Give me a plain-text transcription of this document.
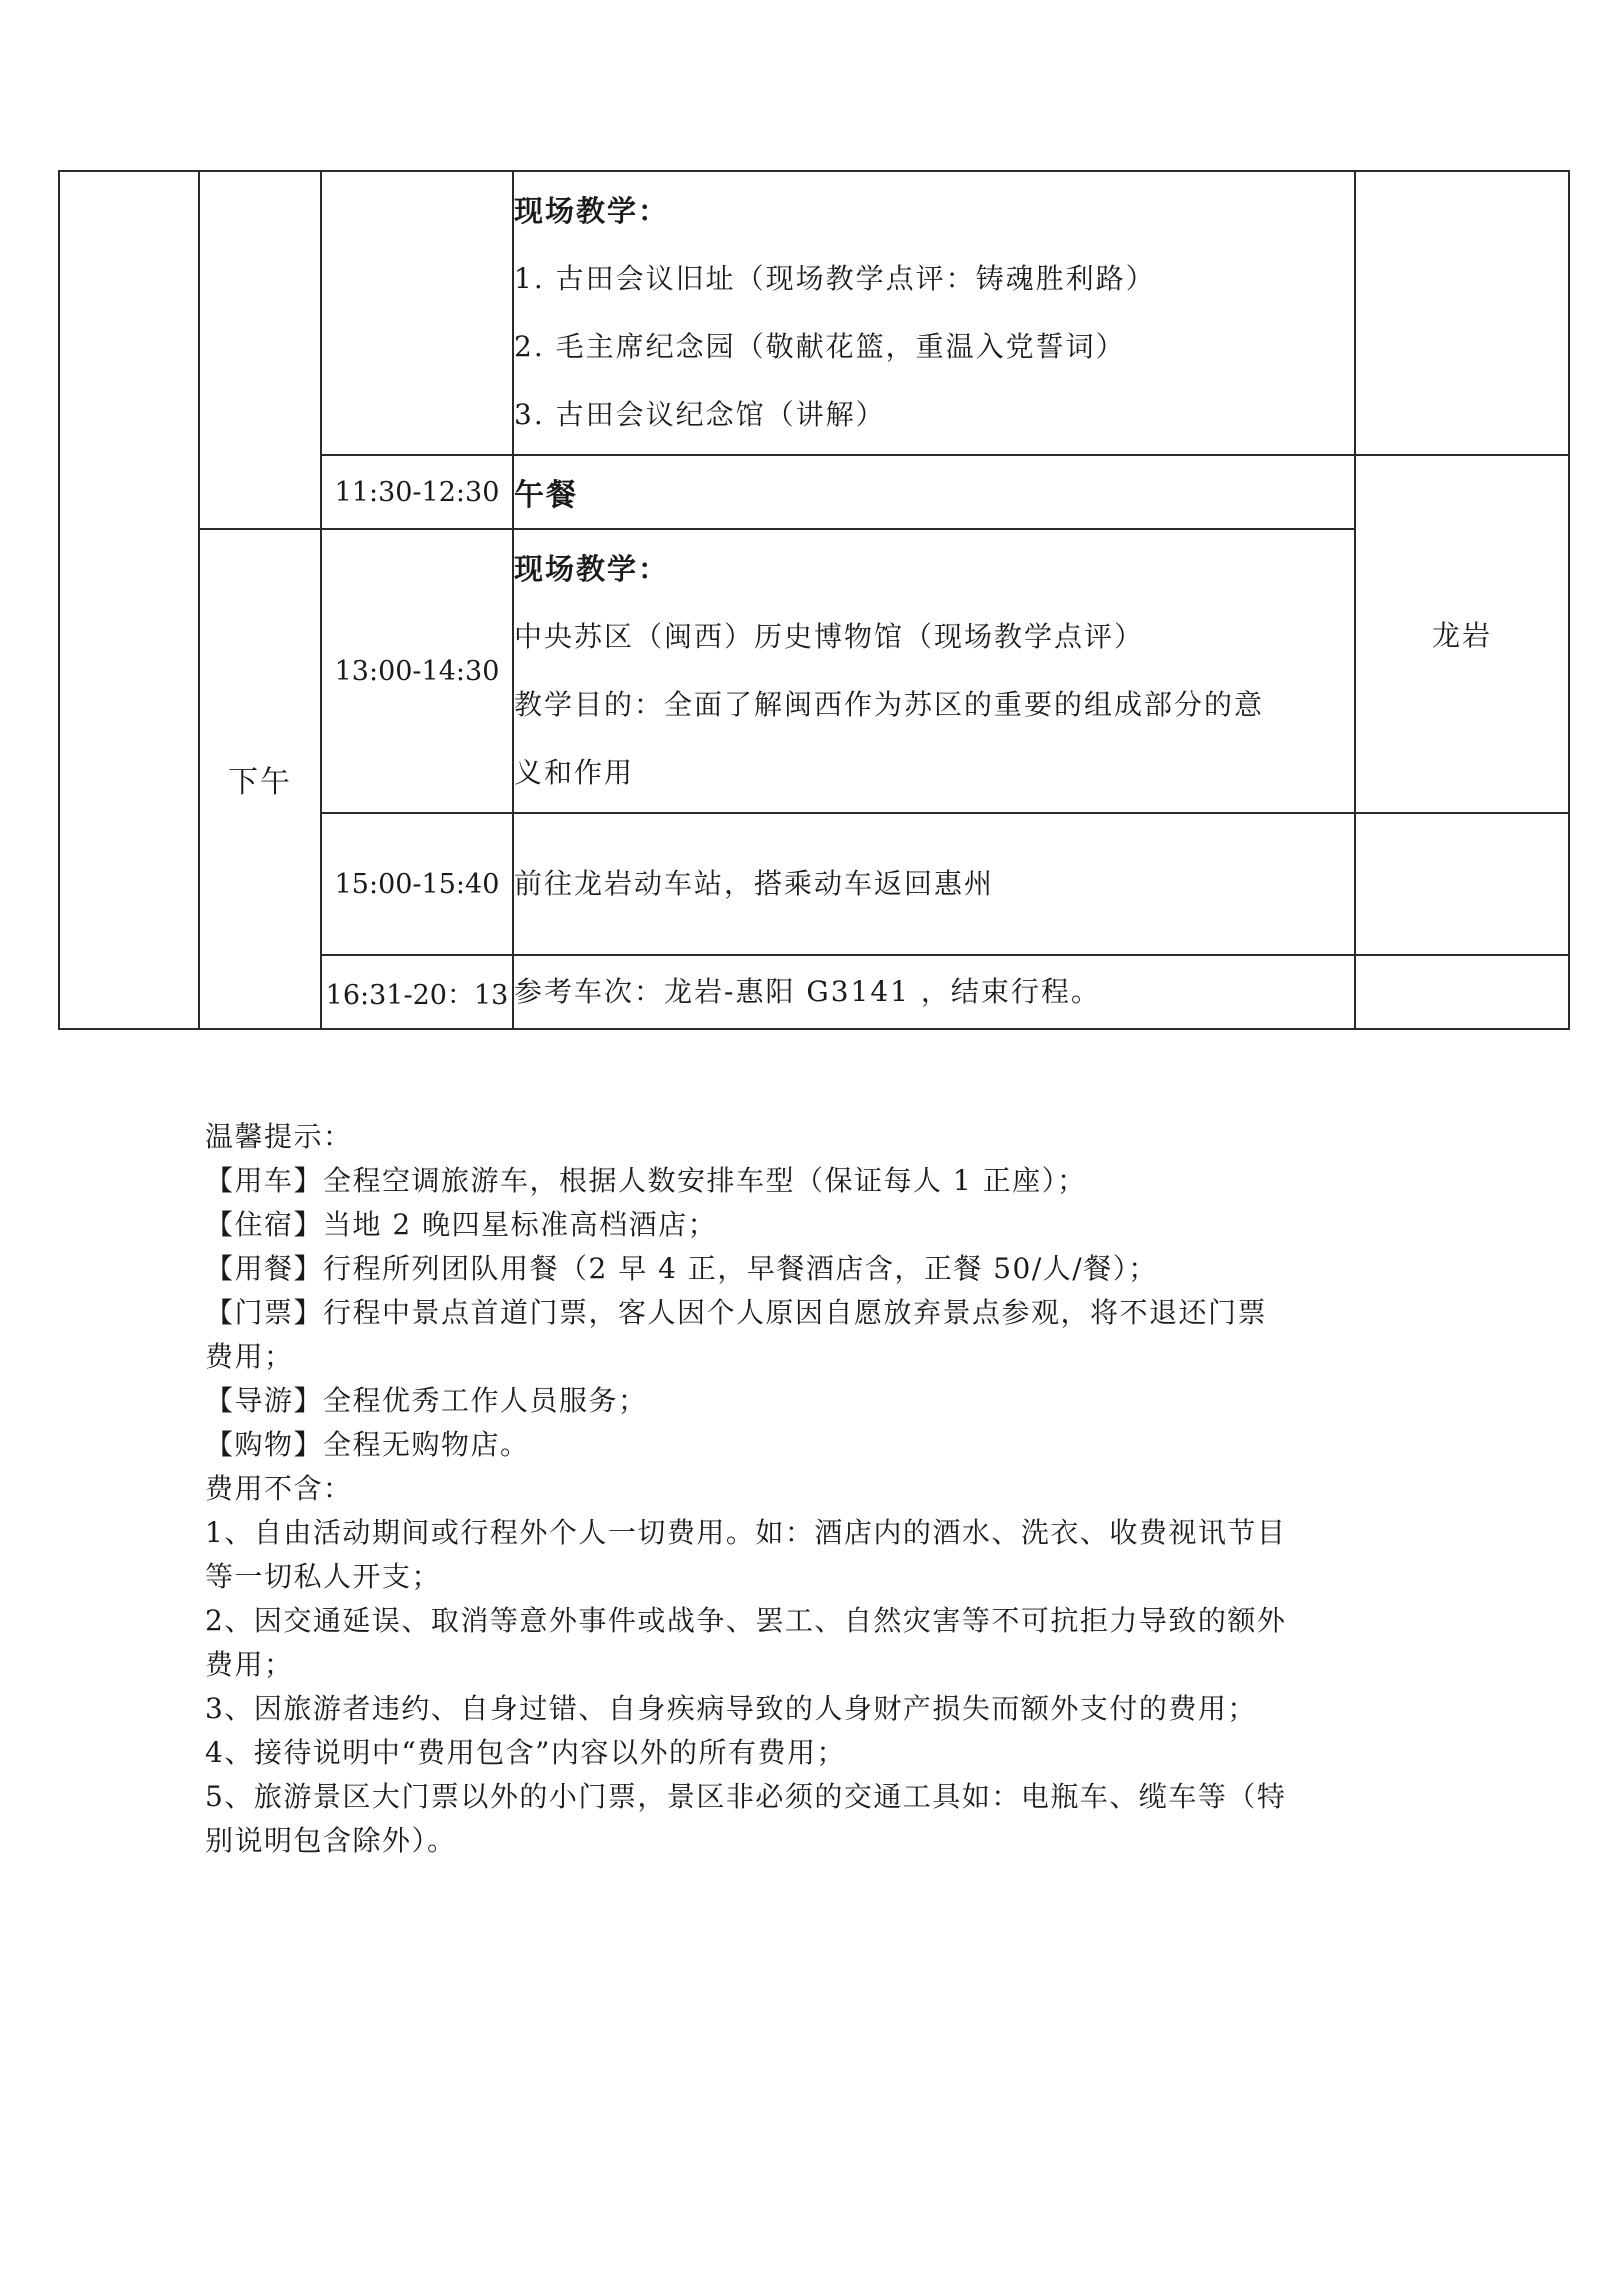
			现场教学：
1. 古田会议旧址（现场教学点评：铸魂胜利路）
2. 毛主席纪念园（敬献花篮，重温入党誓词）
3. 古田会议纪念馆（讲解）	

		11:30-12:30	午餐	龙岩
	下午	13:00-14:30	现场教学：
中央苏区（闽西）历史博物馆（现场教学点评）
教学目的：全面了解闽西作为苏区的重要的组成部分的意
义和作用	

		15:00-15:40	前往龙岩动车站，搭乘动车返回惠州	

		16:31-20：13	参考车次：龙岩-惠阳 G3141 ，结束行程。	

温馨提示：
【用车】全程空调旅游车，根据人数安排车型（保证每人 1 正座）；
【住宿】当地 2 晚四星标准高档酒店；
【用餐】行程所列团队用餐（2 早 4 正，早餐酒店含，正餐 50/人/餐）；
【门票】行程中景点首道门票，客人因个人原因自愿放弃景点参观，将不退还门票
费用；
【导游】全程优秀工作人员服务；
【购物】全程无购物店。
费用不含：
1、自由活动期间或行程外个人一切费用。如：酒店内的酒水、洗衣、收费视讯节目
等一切私人开支；
2、因交通延误、取消等意外事件或战争、罢工、自然灾害等不可抗拒力导致的额外
费用；
3、因旅游者违约、自身过错、自身疾病导致的人身财产损失而额外支付的费用；
4、接待说明中“费用包含”内容以外的所有费用；
5、旅游景区大门票以外的小门票，景区非必须的交通工具如：电瓶车、缆车等（特
别说明包含除外）。
